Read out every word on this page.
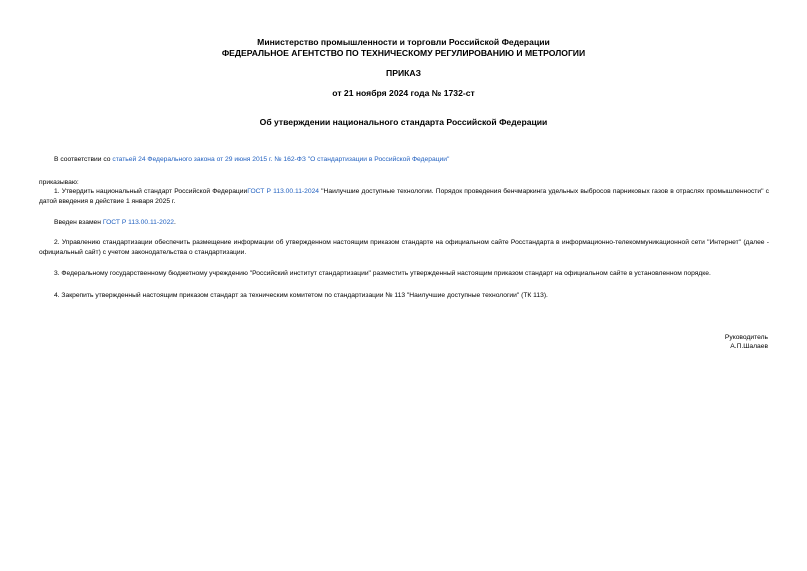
Министерство промышленности и торговли Российской Федерации
ФЕДЕРАЛЬНОЕ АГЕНТСТВО ПО ТЕХНИЧЕСКОМУ РЕГУЛИРОВАНИЮ И МЕТРОЛОГИИ
ПРИКАЗ
от 21 ноября 2024 года № 1732-ст
Об утверждении национального стандарта Российской Федерации
В соответствии со статьей 24 Федерального закона от 29 июня 2015 г. № 162-ФЗ "О стандартизации в Российской Федерации"
приказываю:
1. Утвердить национальный стандарт Российской ФедерацииГОСТ Р 113.00.11-2024 "Наилучшие доступные технологии. Порядок проведения бенчмаркинга удельных выбросов парниковых газов в отраслях промышленности" с датой введения в действие 1 января 2025 г.
Введен взамен ГОСТ Р 113.00.11-2022.
2. Управлению стандартизации обеспечить размещение информации об утвержденном настоящим приказом стандарте на официальном сайте Росстандарта в информационно-телекоммуникационной сети "Интернет" (далее - официальный сайт) с учетом законодательства о стандартизации.
3. Федеральному государственному бюджетному учреждению "Российский институт стандартизации" разместить утвержденный настоящим приказом стандарт на официальном сайте в установленном порядке.
4. Закрепить утвержденный настоящим приказом стандарт за техническим комитетом по стандартизации № 113 "Наилучшие доступные технологии" (ТК 113).
Руководитель
А.П.Шалаев
